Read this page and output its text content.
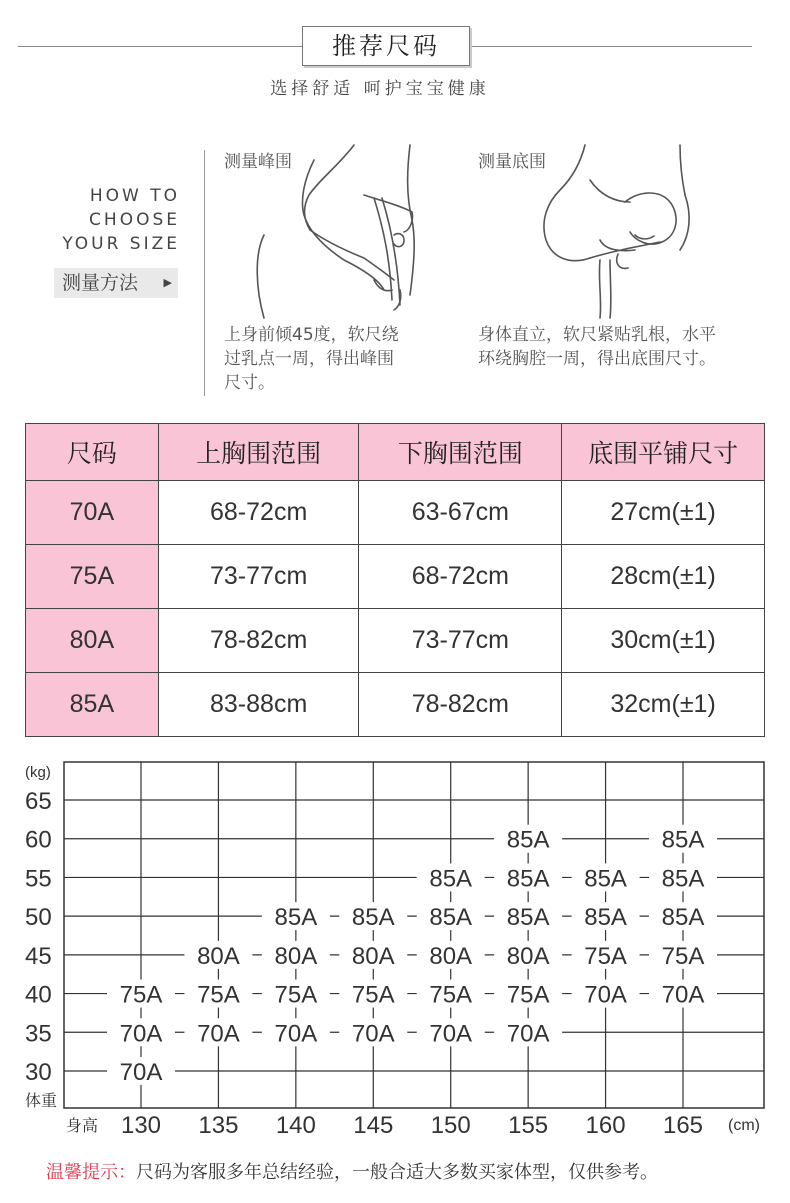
推荐尺码
选择舒适 呵护宝宝健康
HOW TO
CHOOSE
YOUR SIZE
测量方法 ▶
测量峰围
上身前倾45度，软尺绕
过乳点一周，得出峰围
尺寸。
测量底围
身体直立，软尺紧贴乳根，水平
环绕胸腔一周，得出底围尺寸。
尺码	上胸围范围	下胸围范围	底围平铺尺寸
70A	68-72cm	63-67cm	27cm(±1)
75A	73-77cm	68-72cm	28cm(±1)
80A	78-82cm	73-77cm	30cm(±1)
85A	83-88cm	78-82cm	32cm(±1)
65
60
55
50
45
40
35
30
130 135 140 145 150 155 160 165
(kg)
体重
身高	(cm)
85A	85A
85A 85A 85A 85A
85A 85A 85A 85A 85A 85A
80A 80A 80A 80A 80A 75A 75A
75A 75A 75A 75A 75A 75A 70A 70A
70A 70A 70A 70A 70A 70A
70A
温馨提示：尺码为客服多年总结经验，一般合适大多数买家体型，仅供参考。
